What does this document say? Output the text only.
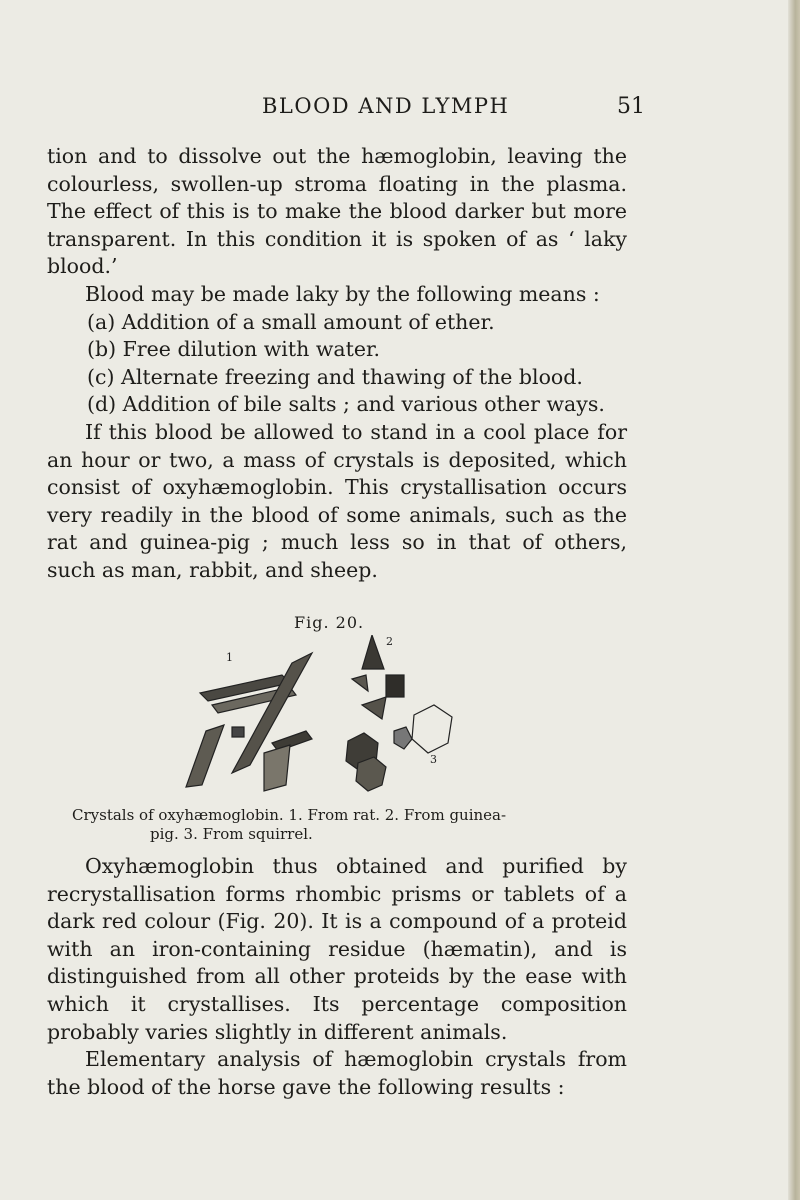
BLOOD AND LYMPH	51

tion and to dissolve out the hæmoglobin, leaving the colourless, swollen-up stroma floating in the plasma. The effect of this is to make the blood darker but more transparent. In this condition it is spoken of as ‘ laky blood.’

Blood may be made laky by the following means :

(a) Addition of a small amount of ether.
(b) Free dilution with water.
(c) Alternate freezing and thawing of the blood.
(d) Addition of bile salts ; and various other ways.

If this blood be allowed to stand in a cool place for an hour or two, a mass of crystals is deposited, which consist of oxyhæmoglobin. This crystallisation occurs very readily in the blood of some animals, such as the rat and guinea-pig ; much less so in that of others, such as man, rabbit, and sheep.

Fig. 20.
1
2
3
Crystals of oxyhæmoglobin. 1. From rat. 2. From guinea-
pig. 3. From squirrel.

Oxyhæmoglobin thus obtained and purified by recrystallisation forms rhombic prisms or tablets of a dark red colour (Fig. 20). It is a compound of a proteid with an iron-containing residue (hæmatin), and is distinguished from all other proteids by the ease with which it crystallises. Its percentage composition probably varies slightly in different animals.

Elementary analysis of hæmoglobin crystals from the blood of the horse gave the following results :
